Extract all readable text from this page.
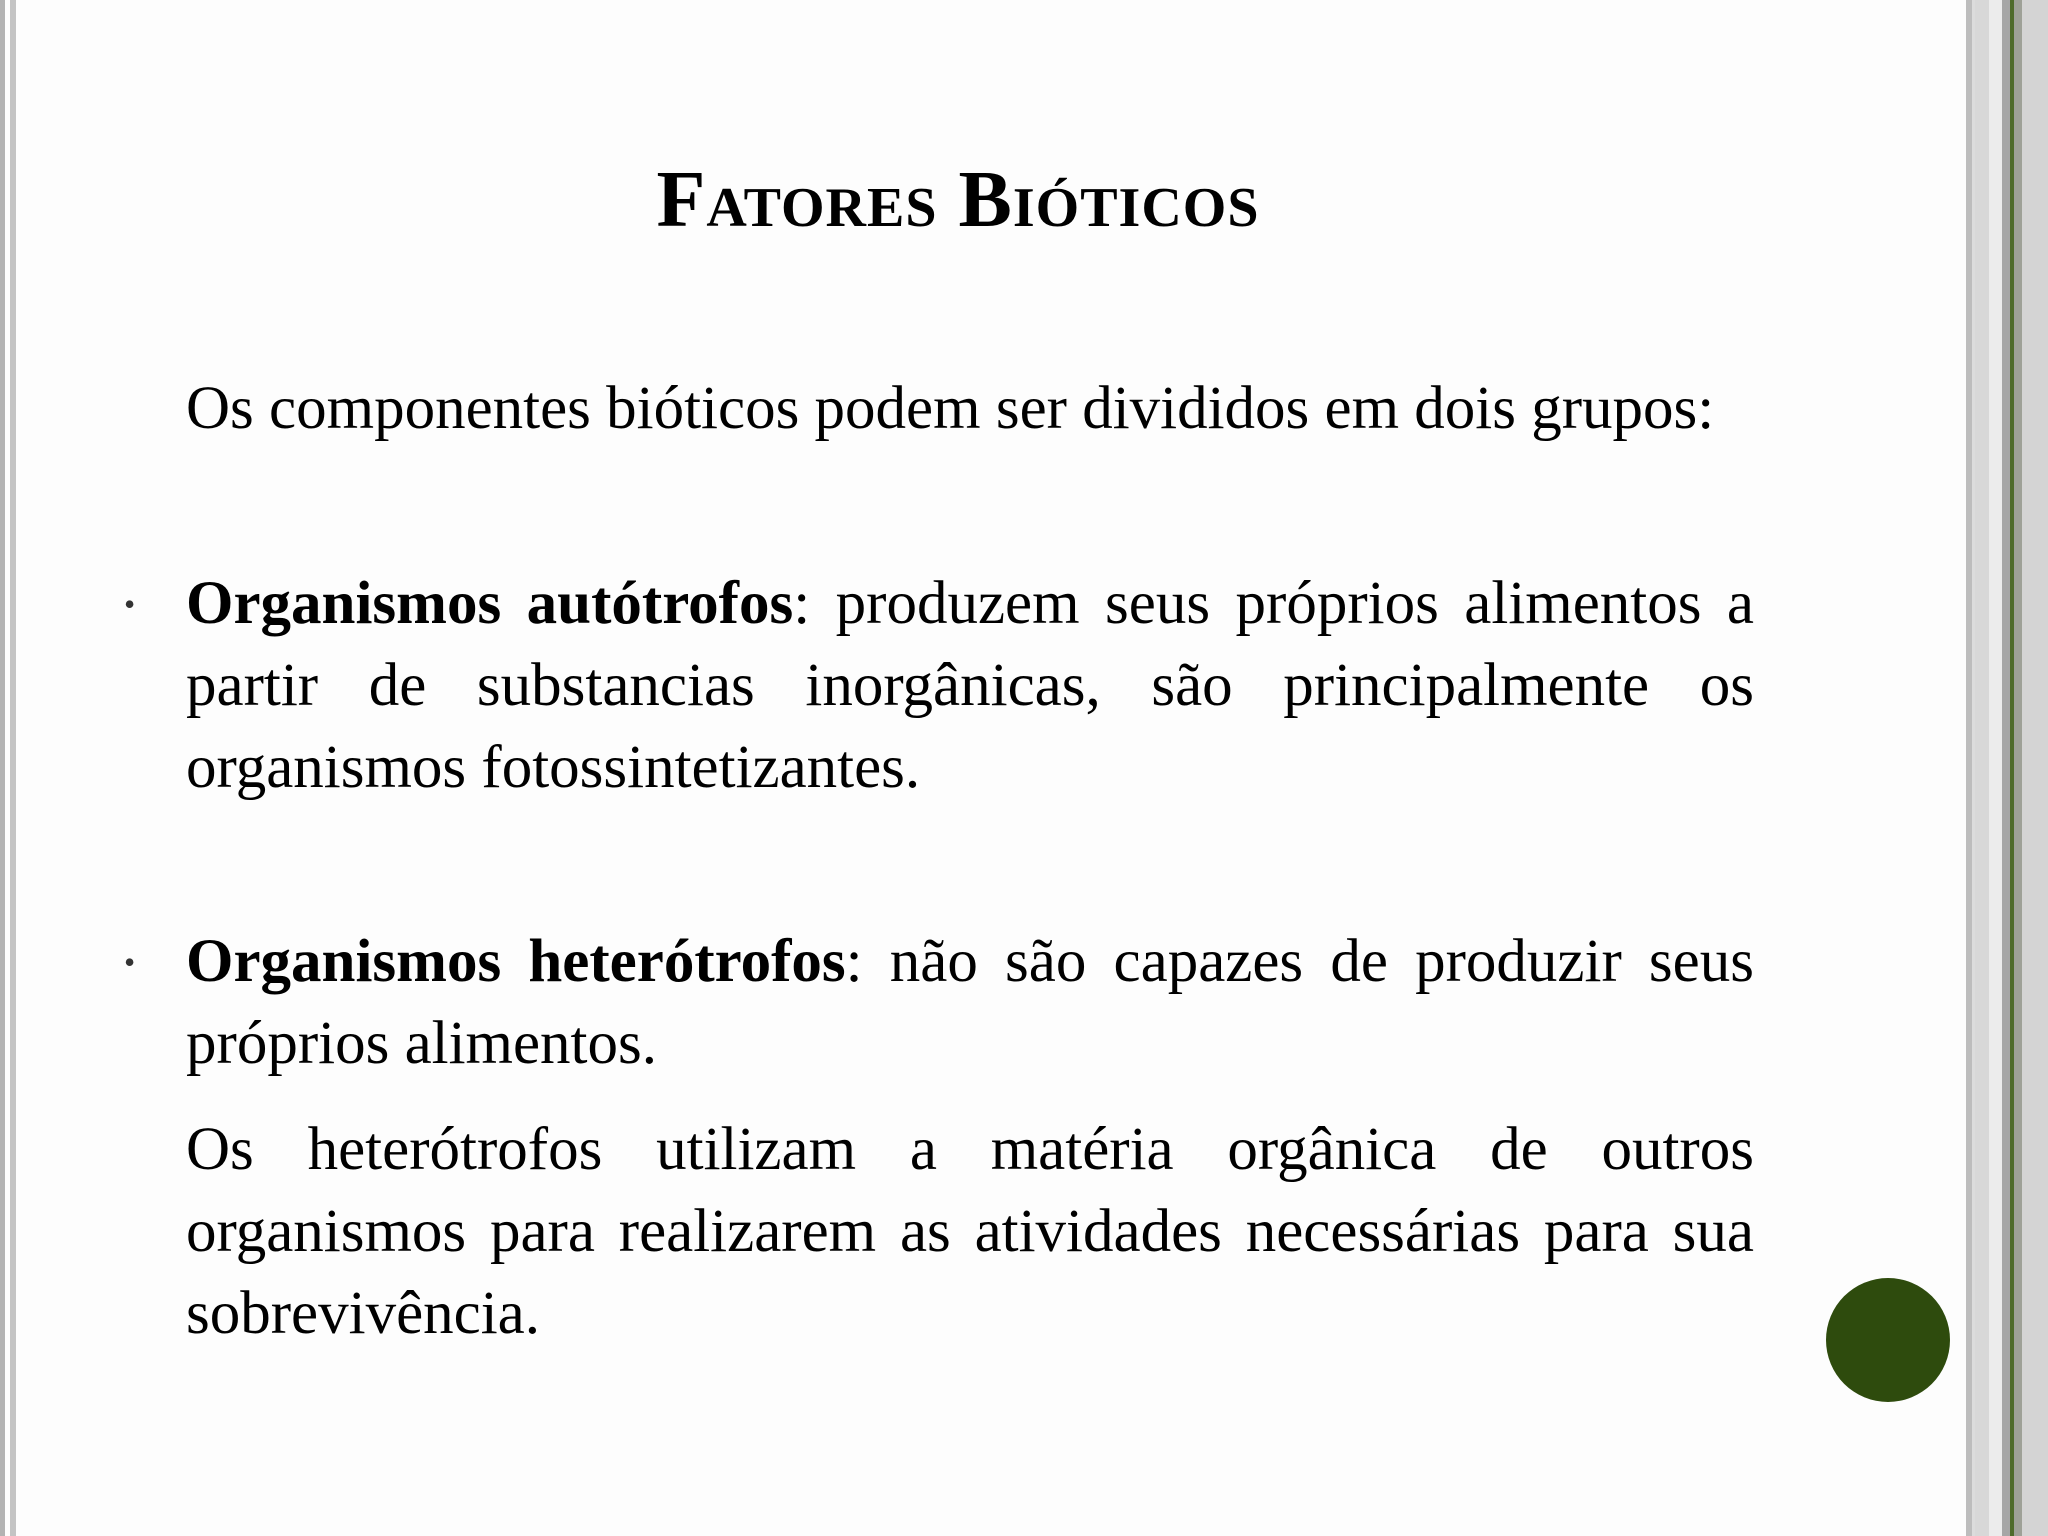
Fatores Bióticos

Os componentes bióticos podem ser divididos em dois grupos:

• Organismos autótrofos: produzem seus próprios alimentos a partir de substancias inorgânicas, são principalmente os organismos fotossintetizantes.

• Organismos heterótrofos: não são capazes de produzir seus próprios alimentos.

Os heterótrofos utilizam a matéria orgânica de outros organismos para realizarem as atividades necessárias para sua sobrevivência.
